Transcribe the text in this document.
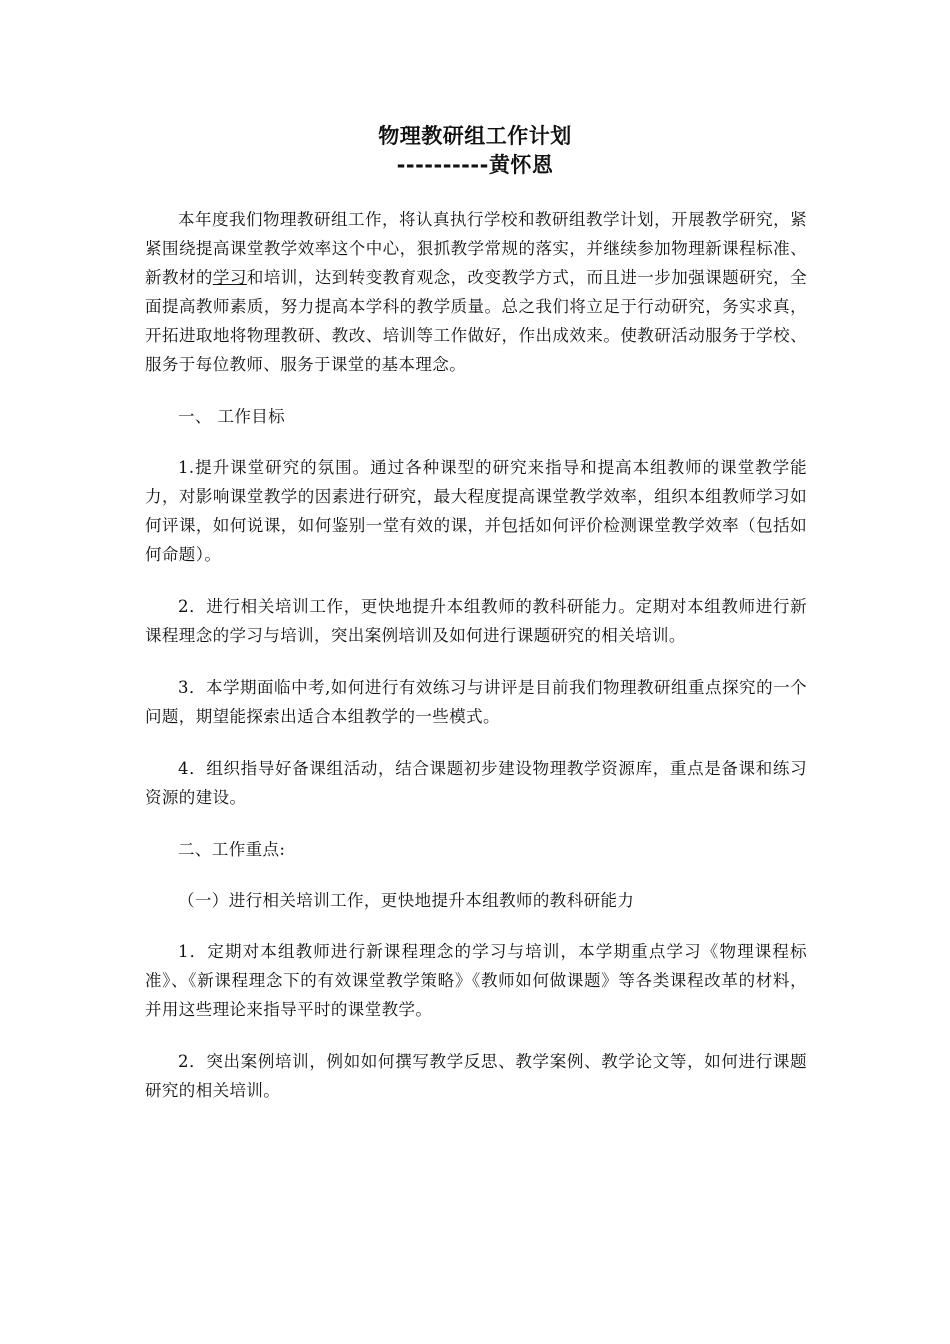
物理教研组工作计划
----------黄怀恩

本年度我们物理教研组工作，将认真执行学校和教研组教学计划，开展教学研究，紧紧围绕提高课堂教学效率这个中心，狠抓教学常规的落实，并继续参加物理新课程标准、新教材的学习和培训，达到转变教育观念，改变教学方式，而且进一步加强课题研究，全面提高教师素质，努力提高本学科的教学质量。总之我们将立足于行动研究，务实求真，开拓进取地将物理教研、教改、培训等工作做好，作出成效来。使教研活动服务于学校、服务于每位教师、服务于课堂的基本理念。

一、 工作目标

1.提升课堂研究的氛围。通过各种课型的研究来指导和提高本组教师的课堂教学能力，对影响课堂教学的因素进行研究，最大程度提高课堂教学效率，组织本组教师学习如何评课，如何说课，如何鉴别一堂有效的课，并包括如何评价检测课堂教学效率（包括如何命题）。

2．进行相关培训工作，更快地提升本组教师的教科研能力。定期对本组教师进行新课程理念的学习与培训，突出案例培训及如何进行课题研究的相关培训。

3．本学期面临中考,如何进行有效练习与讲评是目前我们物理教研组重点探究的一个问题，期望能探索出适合本组教学的一些模式。

4．组织指导好备课组活动，结合课题初步建设物理教学资源库，重点是备课和练习资源的建设。

二、工作重点:

（一）进行相关培训工作，更快地提升本组教师的教科研能力

1．定期对本组教师进行新课程理念的学习与培训，本学期重点学习《物理课程标准》、《新课程理念下的有效课堂教学策略》《教师如何做课题》等各类课程改革的材料，并用这些理论来指导平时的课堂教学。

2．突出案例培训，例如如何撰写教学反思、教学案例、教学论文等，如何进行课题研究的相关培训。
